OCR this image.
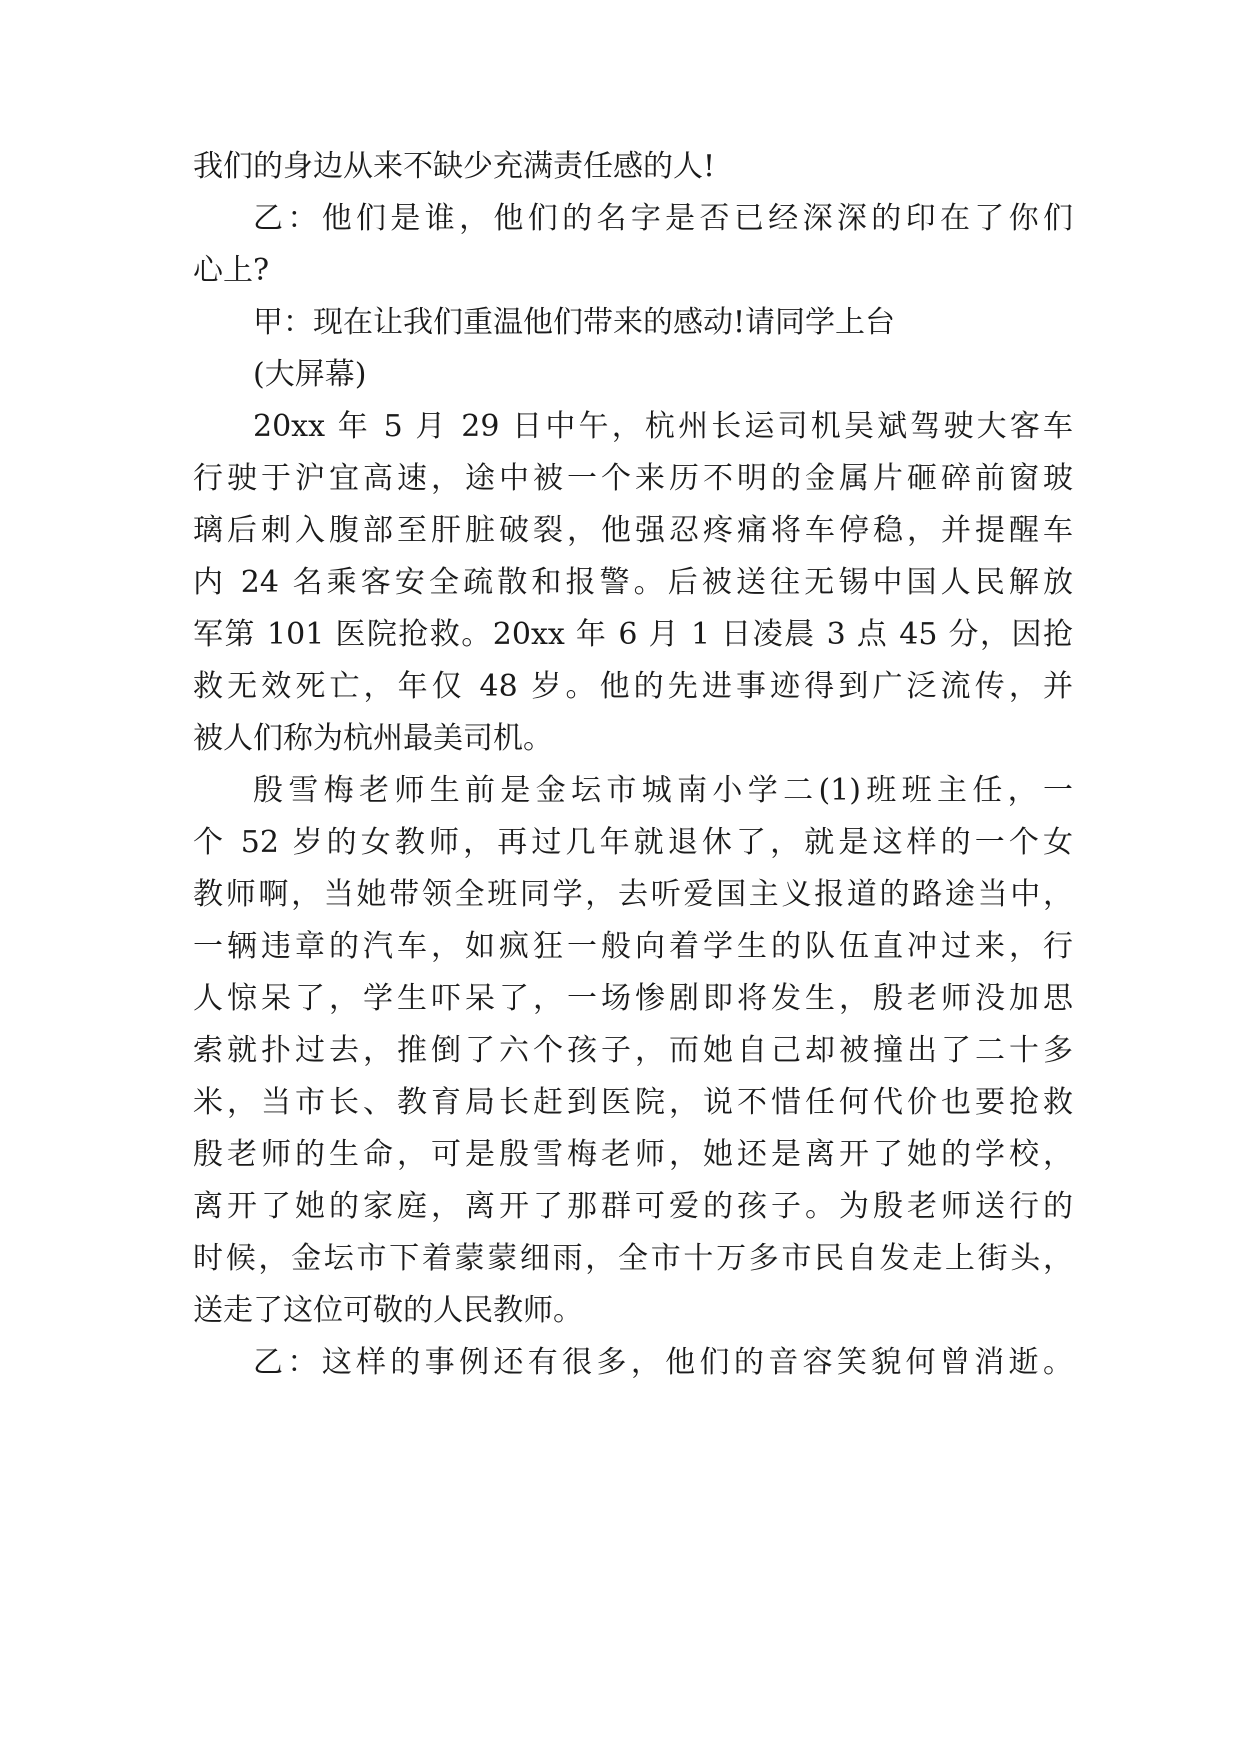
我们的身边从来不缺少充满责任感的人!
乙：他们是谁，他们的名字是否已经深深的印在了你们
心上?
甲：现在让我们重温他们带来的感动!请同学上台
(大屏幕)
20xx 年 5 月 29 日中午，杭州长运司机吴斌驾驶大客车
行驶于沪宜高速，途中被一个来历不明的金属片砸碎前窗玻
璃后刺入腹部至肝脏破裂，他强忍疼痛将车停稳，并提醒车
内 24 名乘客安全疏散和报警。后被送往无锡中国人民解放
军第 101 医院抢救。20xx 年 6 月 1 日凌晨 3 点 45 分，因抢
救无效死亡，年仅 48 岁。他的先进事迹得到广泛流传，并
被人们称为杭州最美司机。
殷雪梅老师生前是金坛市城南小学二(1)班班主任，一
个 52 岁的女教师，再过几年就退休了，就是这样的一个女
教师啊，当她带领全班同学，去听爱国主义报道的路途当中，
一辆违章的汽车，如疯狂一般向着学生的队伍直冲过来，行
人惊呆了，学生吓呆了，一场惨剧即将发生，殷老师没加思
索就扑过去，推倒了六个孩子，而她自己却被撞出了二十多
米，当市长、教育局长赶到医院，说不惜任何代价也要抢救
殷老师的生命，可是殷雪梅老师，她还是离开了她的学校，
离开了她的家庭，离开了那群可爱的孩子。为殷老师送行的
时候，金坛市下着蒙蒙细雨，全市十万多市民自发走上街头，
送走了这位可敬的人民教师。
乙：这样的事例还有很多，他们的音容笑貌何曾消逝。
